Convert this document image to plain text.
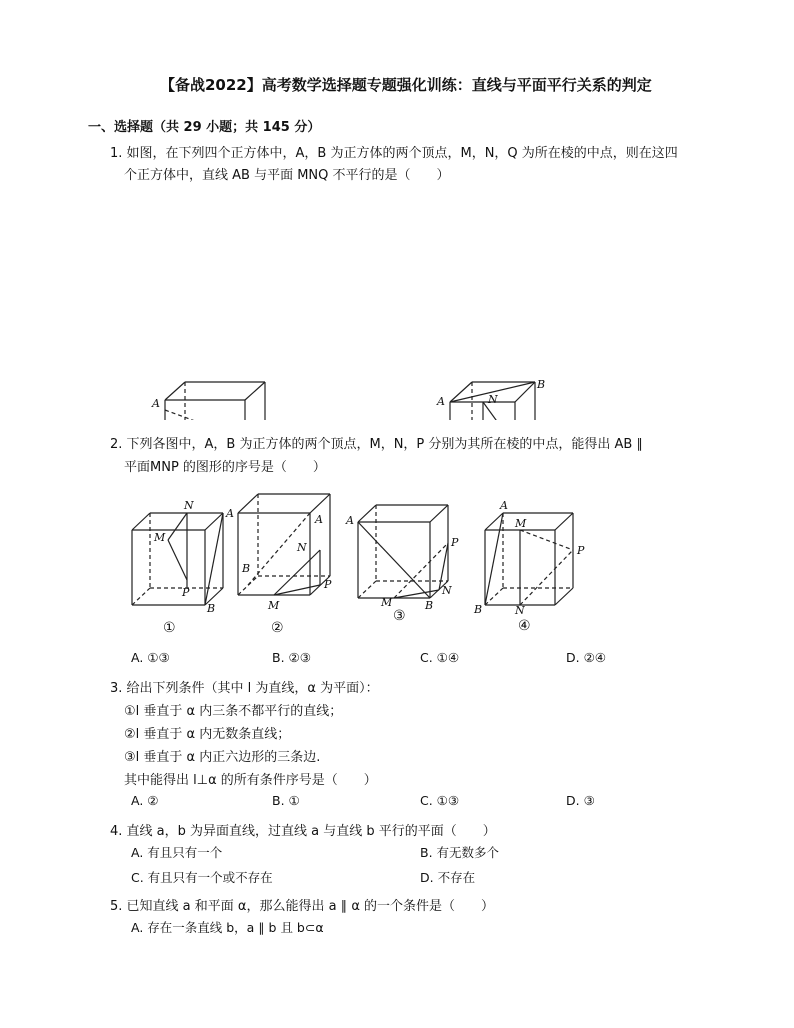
【备战2022】高考数学选择题专题强化训练：直线与平面平行关系的判定
一、选择题（共 29 小题；共 145 分）
1. 如图，在下列四个正方体中，A，B 为正方体的两个顶点，M，N，Q 为所在棱的中点，则在这四
个正方体中，直线 AB 与平面 MNQ 不平行的是（　　）
A	A
B
N
2. 下列各图中，A，B 为正方体的两个顶点，M，N，P 分别为其所在棱的中点，能得出 AB ∥
平面MNP 的图形的序号是（　　）
N
A
M
P
B
①
A
B
N
P
M
②
A
P
N
B
M
③
A
M
P
B	N
④
A. ①③	B. ②③	C. ①④	D. ②④
3. 给出下列条件（其中 l 为直线，α 为平面）：
①l 垂直于 α 内三条不都平行的直线；
②l 垂直于 α 内无数条直线；
③l 垂直于 α 内正六边形的三条边.
其中能得出 l⊥α 的所有条件序号是（　　）
A. ②	B. ①	C. ①③	D. ③
4. 直线 a，b 为异面直线，过直线 a 与直线 b 平行的平面（　　）
A. 有且只有一个	B. 有无数多个
C. 有且只有一个或不存在	D. 不存在
5. 已知直线 a 和平面 α，那么能得出 a ∥ α 的一个条件是（　　）
A. 存在一条直线 b，a ∥ b 且 b⊂α
